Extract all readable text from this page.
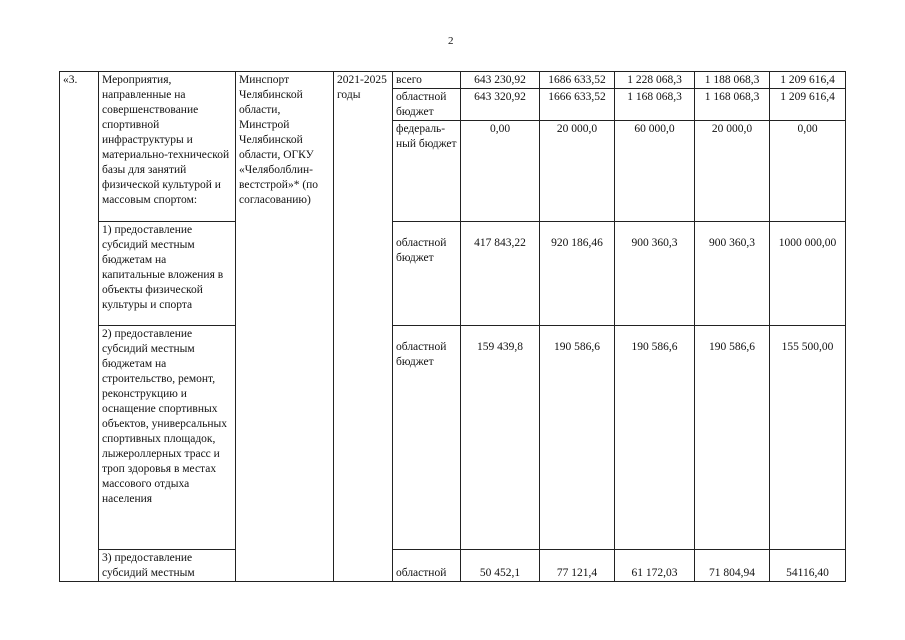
2
«3.	Мероприятия, направленные на совершенствование спортивной инфраструктуры и материально-технической базы для занятий физической культурой и массовым спортом:	Минспорт Челябинской области, Минстрой Челябинской области, ОГКУ «Челяболблин-вестстрой»* (по согласованию)	2021-2025 годы	всего	643 230,92	1686 633,52	1 228 068,3	1 188 068,3	1 209 616,4
				областной бюджет	643 320,92	1666 633,52	1 168 068,3	1 168 068,3	1 209 616,4
				федераль-ный бюджет	0,00	20 000,0	60 000,0	20 000,0	0,00
	1) предоставление субсидий местным бюджетам на капитальные вложения в объекты физической культуры и спорта			областной бюджет	417 843,22	920 186,46	900 360,3	900 360,3	1000 000,00
	2) предоставление субсидий местным бюджетам на строительство, ремонт, реконструкцию и оснащение спортивных объектов, универсальных спортивных площадок, лыжероллерных трасс и троп здоровья в местах массового отдыха населения			областной бюджет	159 439,8	190 586,6	190 586,6	190 586,6	155 500,00
	3) предоставление субсидий местным			областной	50 452,1	77 121,4	61 172,03	71 804,94	54116,40
